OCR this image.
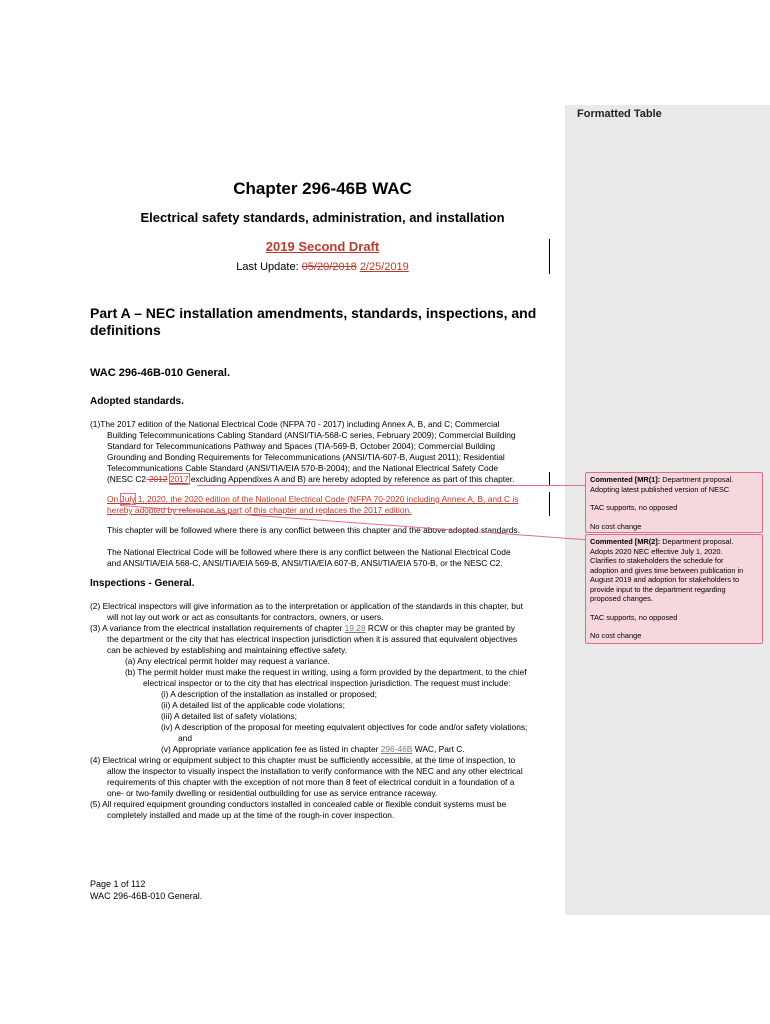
Formatted Table
Chapter 296-46B WAC
Electrical safety standards, administration, and installation
2019 Second Draft
Last Update: 05/20/2018 2/25/2019
Part A – NEC installation amendments, standards, inspections, and definitions
WAC 296-46B-010 General.
Adopted standards.
(1)The 2017 edition of the National Electrical Code (NFPA 70 - 2017) including Annex A, B, and C; Commercial
Building Telecommunications Cabling Standard (ANSI/TIA-568-C series, February 2009); Commercial Building
Standard for Telecommunications Pathway and Spaces (TIA-569-B, October 2004); Commercial Building
Grounding and Bonding Requirements for Telecommunications (ANSI/TIA-607-B, August 2011); Residential
Telecommunications Cable Standard (ANSI/TIA/EIA 570-B-2004); and the National Electrical Safety Code
(NESC C2-2012 2017 excluding Appendixes A and B) are hereby adopted by reference as part of this chapter.
On July 1, 2020, the 2020 edition of the National Electrical Code (NFPA 70-2020 including Annex A, B, and C is
hereby adopted by reference as part of this chapter and replaces the 2017 edition.
This chapter will be followed where there is any conflict between this chapter and the above adopted standards.
The National Electrical Code will be followed where there is any conflict between the National Electrical Code
and ANSI/TIA/EIA 568-C, ANSI/TIA/EIA 569-B, ANSI/TIA/EIA 607-B, ANSI/TIA/EIA 570-B, or the NESC C2.
Inspections - General.
(2) Electrical inspectors will give information as to the interpretation or application of the standards in this chapter, but
will not lay out work or act as consultants for contractors, owners, or users.
(3) A variance from the electrical installation requirements of chapter 19.28 RCW or this chapter may be granted by
the department or the city that has electrical inspection jurisdiction when it is assured that equivalent objectives
can be achieved by establishing and maintaining effective safety.
(a) Any electrical permit holder may request a variance.
(b) The permit holder must make the request in writing, using a form provided by the department, to the chief
electrical inspector or to the city that has electrical inspection jurisdiction. The request must include:
(i) A description of the installation as installed or proposed;
(ii) A detailed list of the applicable code violations;
(iii) A detailed list of safety violations;
(iv) A description of the proposal for meeting equivalent objectives for code and/or safety violations;
and
(v) Appropriate variance application fee as listed in chapter 296-46B WAC, Part C.
(4) Electrical wiring or equipment subject to this chapter must be sufficiently accessible, at the time of inspection, to
allow the inspector to visually inspect the installation to verify conformance with the NEC and any other electrical
requirements of this chapter with the exception of not more than 8 feet of electrical conduit in a foundation of a
one- or two-family dwelling or residential outbuilding for use as service entrance raceway.
(5) All required equipment grounding conductors installed in concealed cable or flexible conduit systems must be
completely installed and made up at the time of the rough-in cover inspection.
Page 1 of 112
WAC 296-46B-010 General.

Commented [MR(1]: Department proposal.

Adopting latest published version of NESC

TAC supports, no opposed

No cost change

Commented [MR(2]: Department proposal.

Adopts 2020 NEC effective July 1, 2020.

Clarifies to stakeholders the schedule for

adoption and gives time between publication in

August 2019 and adoption for stakeholders to

provide input to the department regarding

proposed changes.

TAC supports, no opposed

No cost change
